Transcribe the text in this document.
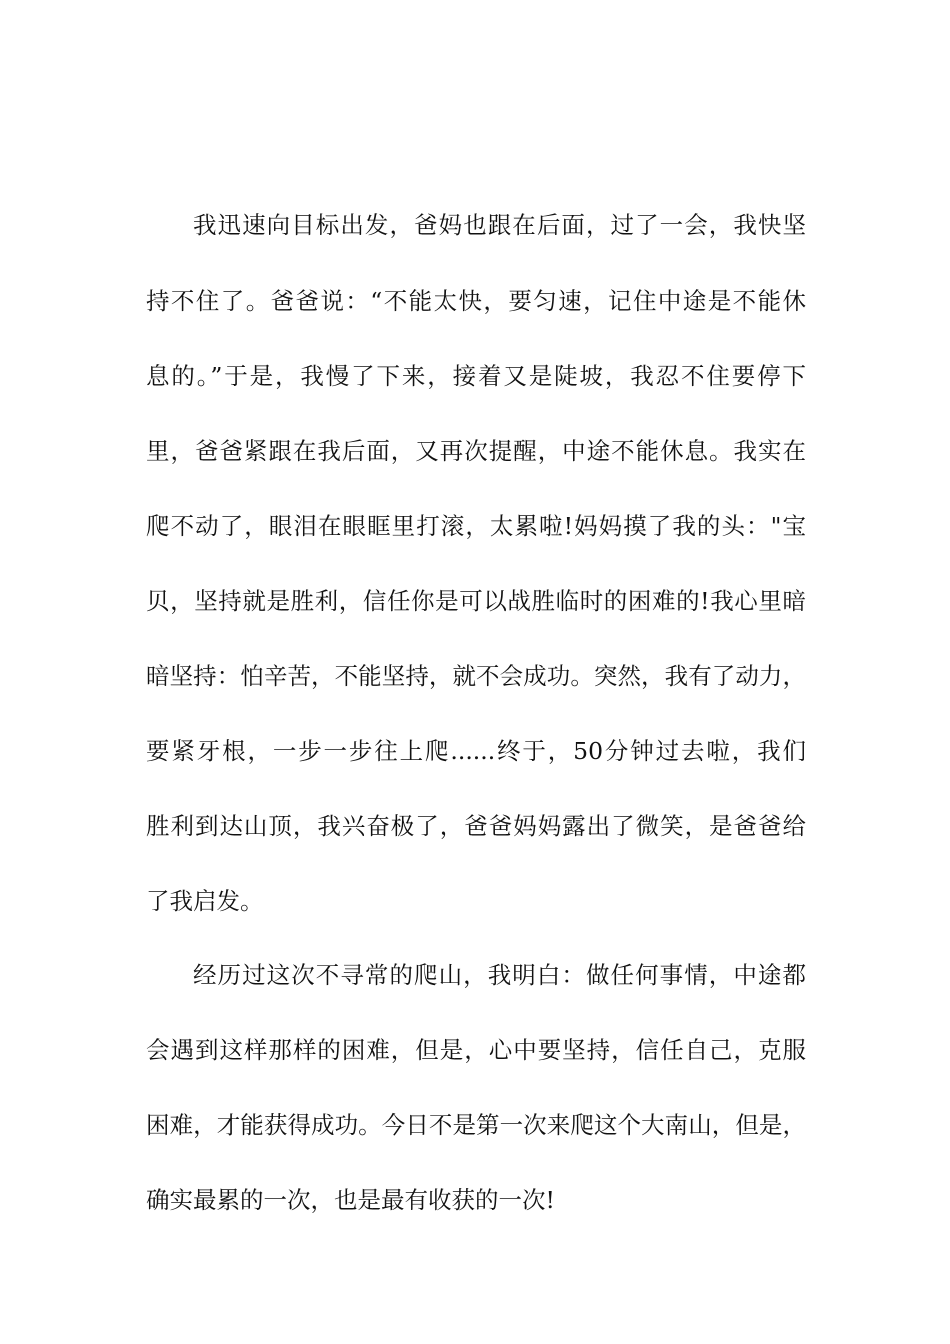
我迅速向目标出发，爸妈也跟在后面，过了一会，我快坚
持不住了。爸爸说：“不能太快，要匀速，记住中途是不能休
息的。”于是，我慢了下来，接着又是陡坡，我忍不住要停下
里，爸爸紧跟在我后面，又再次提醒，中途不能休息。我实在
爬不动了，眼泪在眼眶里打滚，太累啦!妈妈摸了我的头："宝
贝，坚持就是胜利，信任你是可以战胜临时的困难的!我心里暗
暗坚持：怕辛苦，不能坚持，就不会成功。突然，我有了动力，
要紧牙根，一步一步往上爬......终于，50分钟过去啦，我们
胜利到达山顶，我兴奋极了，爸爸妈妈露出了微笑，是爸爸给
了我启发。
经历过这次不寻常的爬山，我明白：做任何事情，中途都
会遇到这样那样的困难，但是，心中要坚持，信任自己，克服
困难，才能获得成功。今日不是第一次来爬这个大南山，但是，
确实最累的一次，也是最有收获的一次!
